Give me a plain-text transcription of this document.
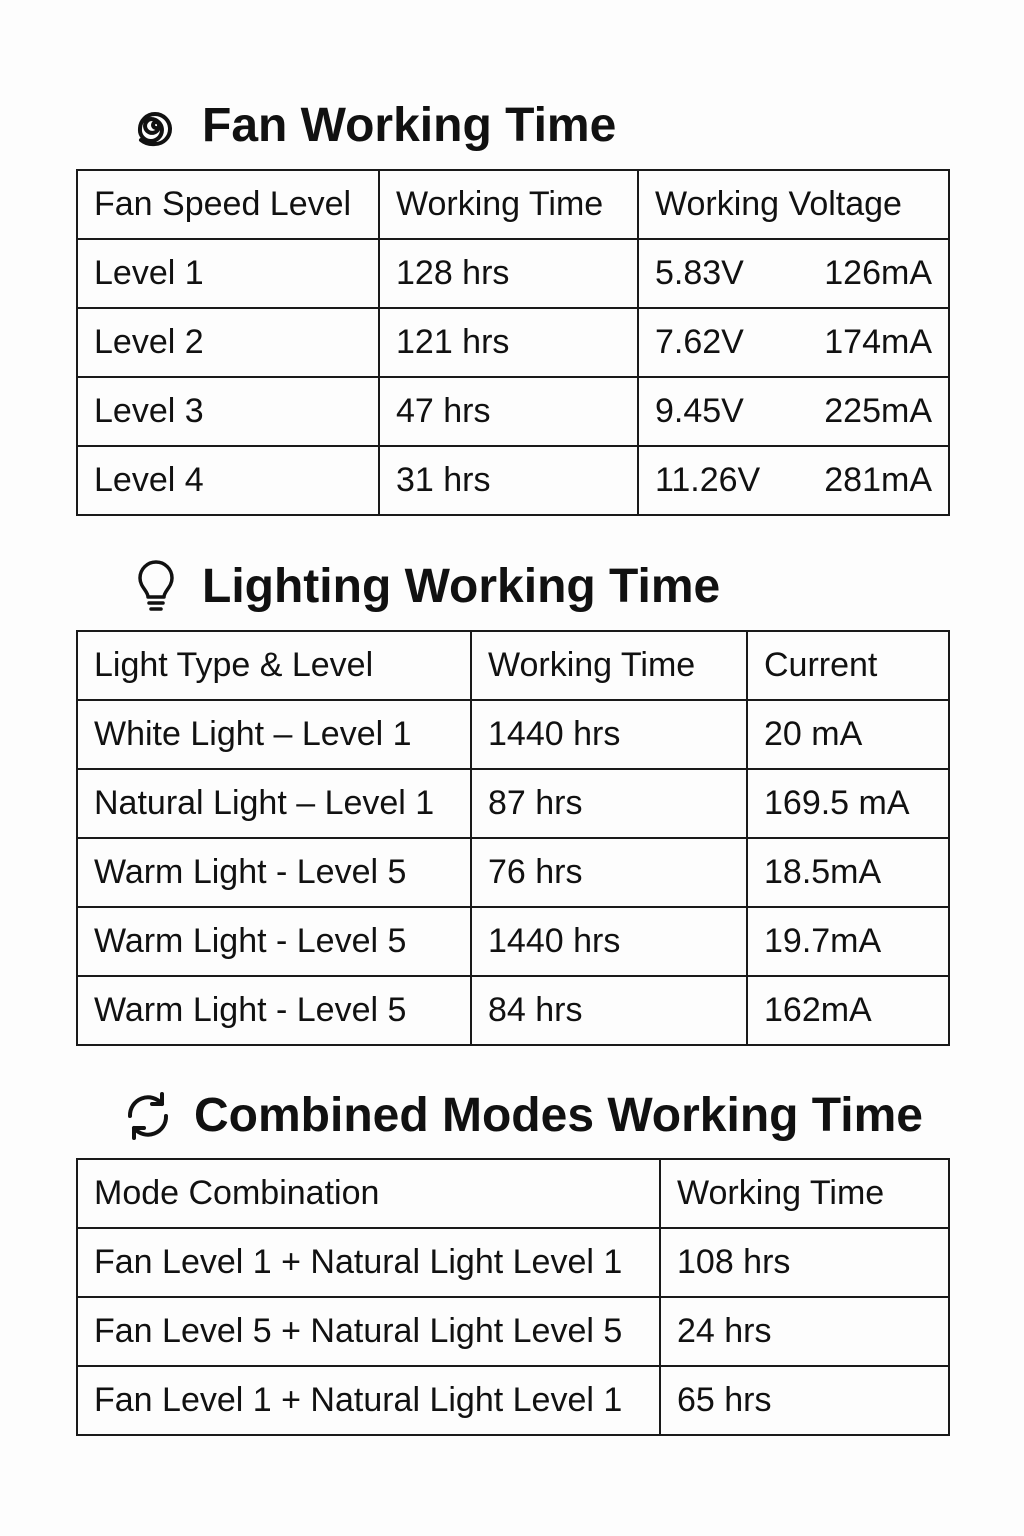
Fan Working Time
Fan Speed Level	Working Time	Working Voltage
Level 1	128 hrs	5.83V 126mA

Level 2	121 hrs	7.62V 174mA

Level 3	47 hrs	9.45V 225mA

Level 4	31 hrs	11.26V 281mA
Lighting Working Time
Light Type & Level	Working Time	Current
White Light – Level 1	1440 hrs	20 mA
Natural Light – Level 1	87 hrs	169.5 mA
Warm Light - Level 5	76 hrs	18.5mA
Warm Light - Level 5	1440 hrs	19.7mA
Warm Light - Level 5	84 hrs	162mA
Combined Modes Working Time
Mode Combination	Working Time
Fan Level 1 + Natural Light Level 1	108 hrs
Fan Level 5 + Natural Light Level 5	24 hrs
Fan Level 1 + Natural Light Level 1	65 hrs
